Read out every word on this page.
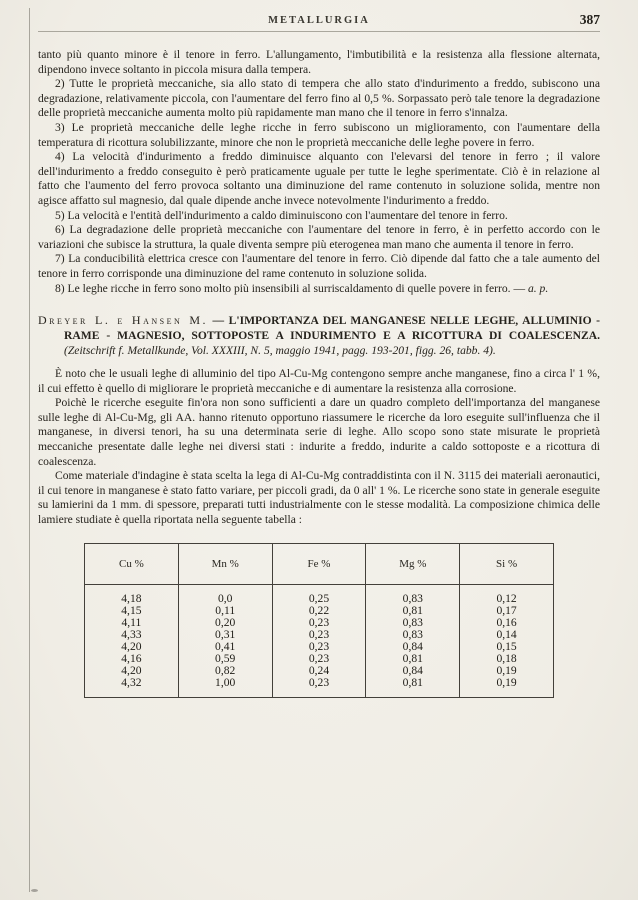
METALLURGIA	387

tanto più quanto minore è il tenore in ferro. L'allungamento, l'imbutibilità e la resistenza alla flessione alternata, dipendono invece soltanto in piccola misura dalla tempera.

2) Tutte le proprietà meccaniche, sia allo stato di tempera che allo stato d'indurimento a freddo, subiscono una degradazione, relativamente piccola, con l'aumentare del ferro fino al 0,5 %. Sorpassato però tale tenore la degradazione delle proprietà meccaniche aumenta molto più rapidamente man mano che il tenore in ferro s'innalza.

3) Le proprietà meccaniche delle leghe ricche in ferro subiscono un miglioramento, con l'aumentare della temperatura di ricottura solubilizzante, minore che non le proprietà meccaniche delle leghe povere in ferro.

4) La velocità d'indurimento a freddo diminuisce alquanto con l'elevarsi del tenore in ferro ; il valore dell'indurimento a freddo conseguito è però praticamente uguale per tutte le leghe sperimentate. Ciò è in relazione al fatto che l'aumento del ferro provoca soltanto una diminuzione del rame contenuto in soluzione solida, mentre non agisce affatto sul magnesio, dal quale dipende anche invece notevolmente l'indurimento a freddo.

5) La velocità e l'entità dell'indurimento a caldo diminuiscono con l'aumentare del tenore in ferro.

6) La degradazione delle proprietà meccaniche con l'aumentare del tenore in ferro, è in perfetto accordo con le variazioni che subisce la struttura, la quale diventa sempre più eterogenea man mano che aumenta il tenore in ferro.

7) La conducibilità elettrica cresce con l'aumentare del tenore in ferro. Ciò dipende dal fatto che a tale aumento del tenore in ferro corrisponde una diminuzione del rame contenuto in soluzione solida.

8) Le leghe ricche in ferro sono molto più insensibili al surriscaldamento di quelle povere in ferro. — a. p.

Dreyer L. e Hansen M. — L'IMPORTANZA DEL MANGANESE NELLE LEGHE, ALLUMINIO - RAME - MAGNESIO, SOTTOPOSTE A INDURIMENTO E A RICOTTURA DI COALESCENZA. (Zeitschrift f. Metallkunde, Vol. XXXIII, N. 5, maggio 1941, pagg. 193-201, figg. 26, tabb. 4).

È noto che le usuali leghe di alluminio del tipo Al-Cu-Mg contengono sempre anche manganese, fino a circa l' 1 %, il cui effetto è quello di migliorare le proprietà meccaniche e di aumentare la resistenza alla corrosione.

Poichè le ricerche eseguite fin'ora non sono sufficienti a dare un quadro completo dell'importanza del manganese sulle leghe di Al-Cu-Mg, gli AA. hanno ritenuto opportuno riassumere le ricerche da loro eseguite sull'influenza che il manganese, in diversi tenori, ha su una determinata serie di leghe. Allo scopo sono state misurate le proprietà meccaniche presentate dalle leghe nei diversi stati : indurite a freddo, indurite a caldo sottoposte e a ricottura di coalescenza.

Come materiale d'indagine è stata scelta la lega di Al-Cu-Mg contraddistinta con il N. 3115 dei materiali aeronautici, il cui tenore in manganese è stato fatto variare, per piccoli gradi, da 0 all' 1 %. Le ricerche sono state in generale eseguite su lamierini da 1 mm. di spessore, preparati tutti industrialmente con le stesse modalità. La composizione chimica delle lamiere studiate è quella riportata nella seguente tabella :

Cu %	Mn %	Fe %	Mg %	Si %
4,18	0,0	0,25	0,83	0,12
4,15	0,11	0,22	0,81	0,17
4,11	0,20	0,23	0,83	0,16
4,33	0,31	0,23	0,83	0,14
4,20	0,41	0,23	0,84	0,15
4,16	0,59	0,23	0,81	0,18
4,20	0,82	0,24	0,84	0,19
4,32	1,00	0,23	0,81	0,19
